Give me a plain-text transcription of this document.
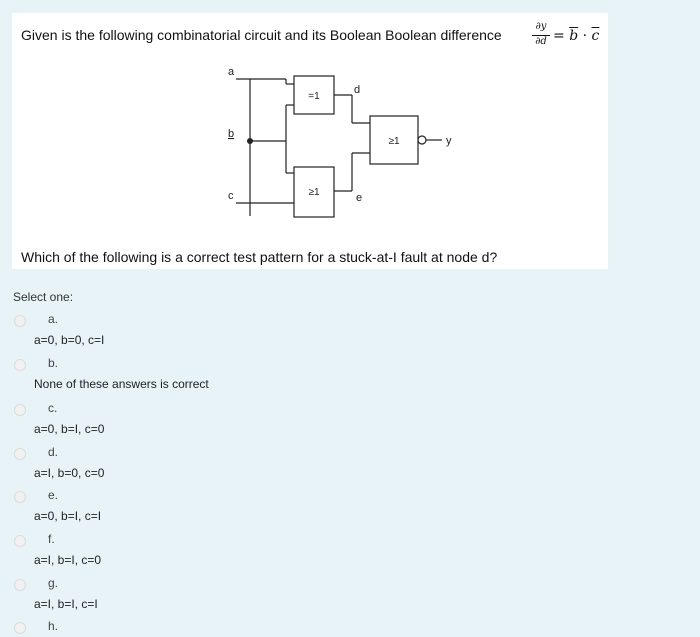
Given is the following combinatorial circuit and its Boolean Boolean difference
∂y
$\partial d = \overline{b} \cdot \overline{c}$
a
b
c
=1
≥1
≥1
d
e
y
Which of the following is a correct test pattern for a stuck-at-I fault at node d?
Select one:
a.
a=0, b=0, c=I
b.
None of these answers is correct
c.
a=0, b=I, c=0
d.
a=I, b=0, c=0
e.
a=0, b=I, c=I
f.
a=I, b=I, c=0
g.
a=I, b=I, c=I
h.
